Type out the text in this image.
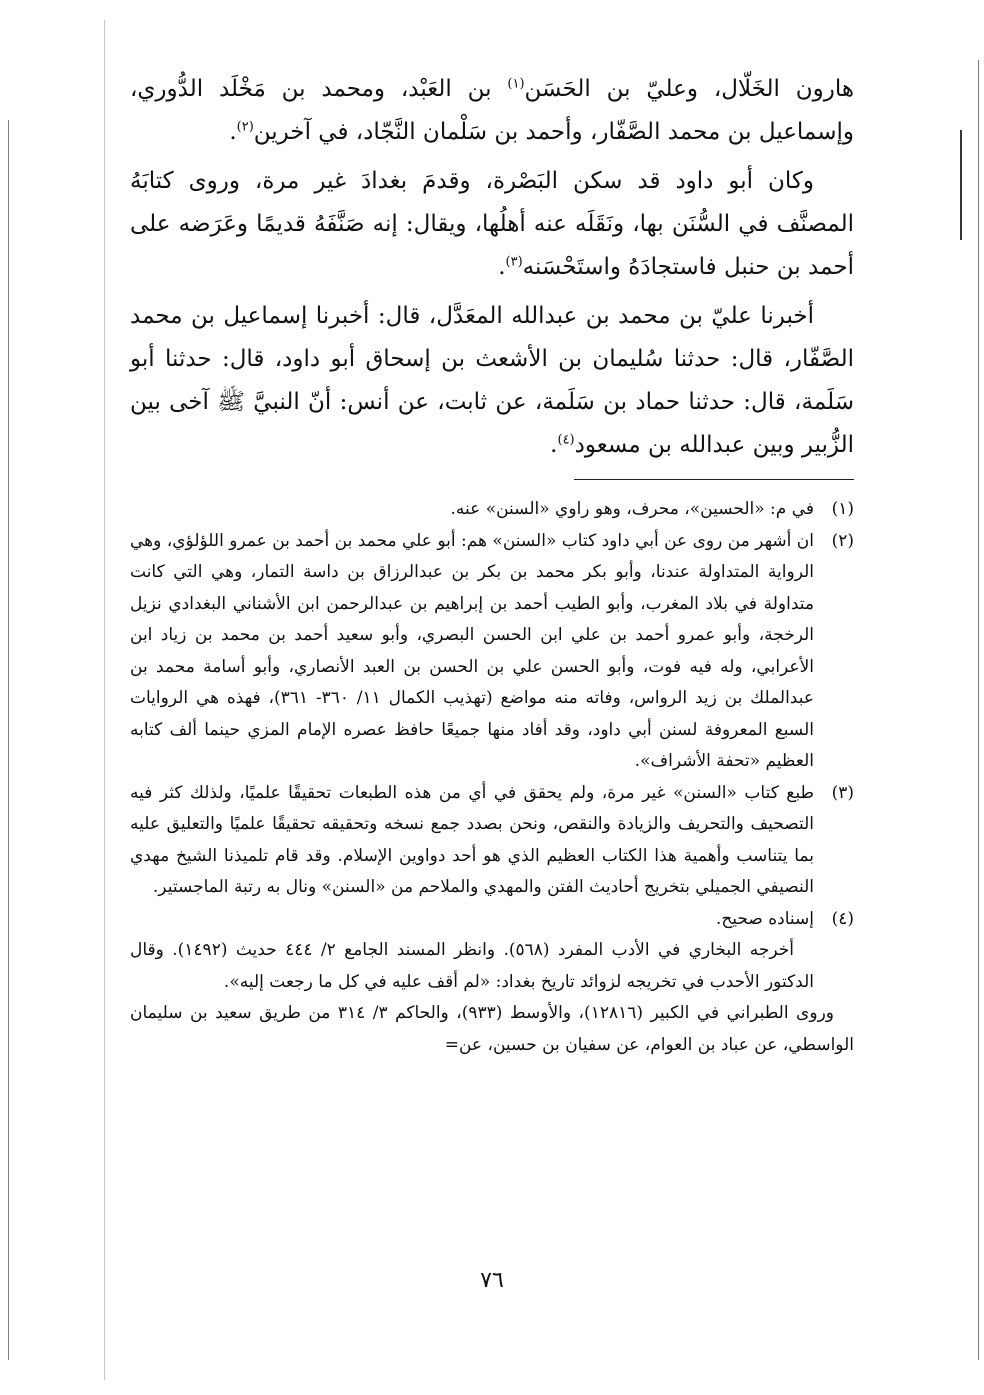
هارون الخَلّال، وعليّ بن الحَسَن$^{(١)}$ بن العَبْد، ومحمد بن مَخْلَد الدُّوري، وإسماعيل بن محمد الصَّفّار، وأحمد بن سَلْمان النَّجّاد، في آخرين$^{(٢)}$.

وكان أبو داود قد سكن البَصْرة، وقدمَ بغدادَ غير مرة، وروى كتابَهُ المصنَّف في السُّنَن بها، ونَقَلَه عنه أهلُها، ويقال: إنه صَنَّفَهُ قديمًا وعَرَضه على أحمد بن حنبل فاستجادَهُ واستَحْسَنه$^{(٣)}$.

أخبرنا عليّ بن محمد بن عبدالله المعَدَّل، قال: أخبرنا إسماعيل بن محمد الصَّفّار، قال: حدثنا سُليمان بن الأشعث بن إسحاق أبو داود، قال: حدثنا أبو سَلَمة، قال: حدثنا حماد بن سَلَمة، عن ثابت، عن أنس: أنّ النبيَّ ﷺ آخى بين الزُّبير وبين عبدالله بن مسعود$^{(٤)}$.

(١)

في م: «الحسين»، محرف، وهو راوي «السنن» عنه.

(٢)

ان أشهر من روى عن أبي داود كتاب «السنن» هم: أبو علي محمد بن أحمد بن عمرو اللؤلؤي، وهي الرواية المتداولة عندنا، وأبو بكر محمد بن بكر بن عبدالرزاق بن داسة التمار، وهي التي كانت متداولة في بلاد المغرب، وأبو الطيب أحمد بن إبراهيم بن عبدالرحمن ابن الأشناني البغدادي نزيل الرخجة، وأبو عمرو أحمد بن علي ابن الحسن البصري، وأبو سعيد أحمد بن محمد بن زياد ابن الأعرابي، وله فيه فوت، وأبو الحسن علي بن الحسن بن العبد الأنصاري، وأبو أسامة محمد بن عبدالملك بن زيد الرواس، وفاته منه مواضع (تهذيب الكمال ١١/ ٣٦٠- ٣٦١)، فهذه هي الروايات السبع المعروفة لسنن أبي داود، وقد أفاد منها جميعًا حافظ عصره الإمام المزي حينما ألف كتابه العظيم «تحفة الأشراف».

(٣)

طبع كتاب «السنن» غير مرة، ولم يحقق في أي من هذه الطبعات تحقيقًا علميًا، ولذلك كثر فيه التصحيف والتحريف والزيادة والنقص، ونحن بصدد جمع نسخه وتحقيقه تحقيقًا علميًا والتعليق عليه بما يتناسب وأهمية هذا الكتاب العظيم الذي هو أحد دواوين الإسلام. وقد قام تلميذنا الشيخ مهدي النصيفي الجميلي بتخريج أحاديث الفتن والمهدي والملاحم من «السنن» ونال به رتبة الماجستير.

(٤)

إسناده صحيح.

أخرجه البخاري في الأدب المفرد (٥٦٨). وانظر المسند الجامع ٢/ ٤٤٤ حديث (١٤٩٢). وقال الدكتور الأحدب في تخريجه لزوائد تاريخ بغداد: «لم أقف عليه في كل ما رجعت إليه».

وروى الطبراني في الكبير (١٢٨١٦)، والأوسط (٩٣٣)، والحاكم ٣/ ٣١٤ من طريق سعيد بن سليمان الواسطي، عن عباد بن العوام، عن سفيان بن حسين، عن=

٧٦
